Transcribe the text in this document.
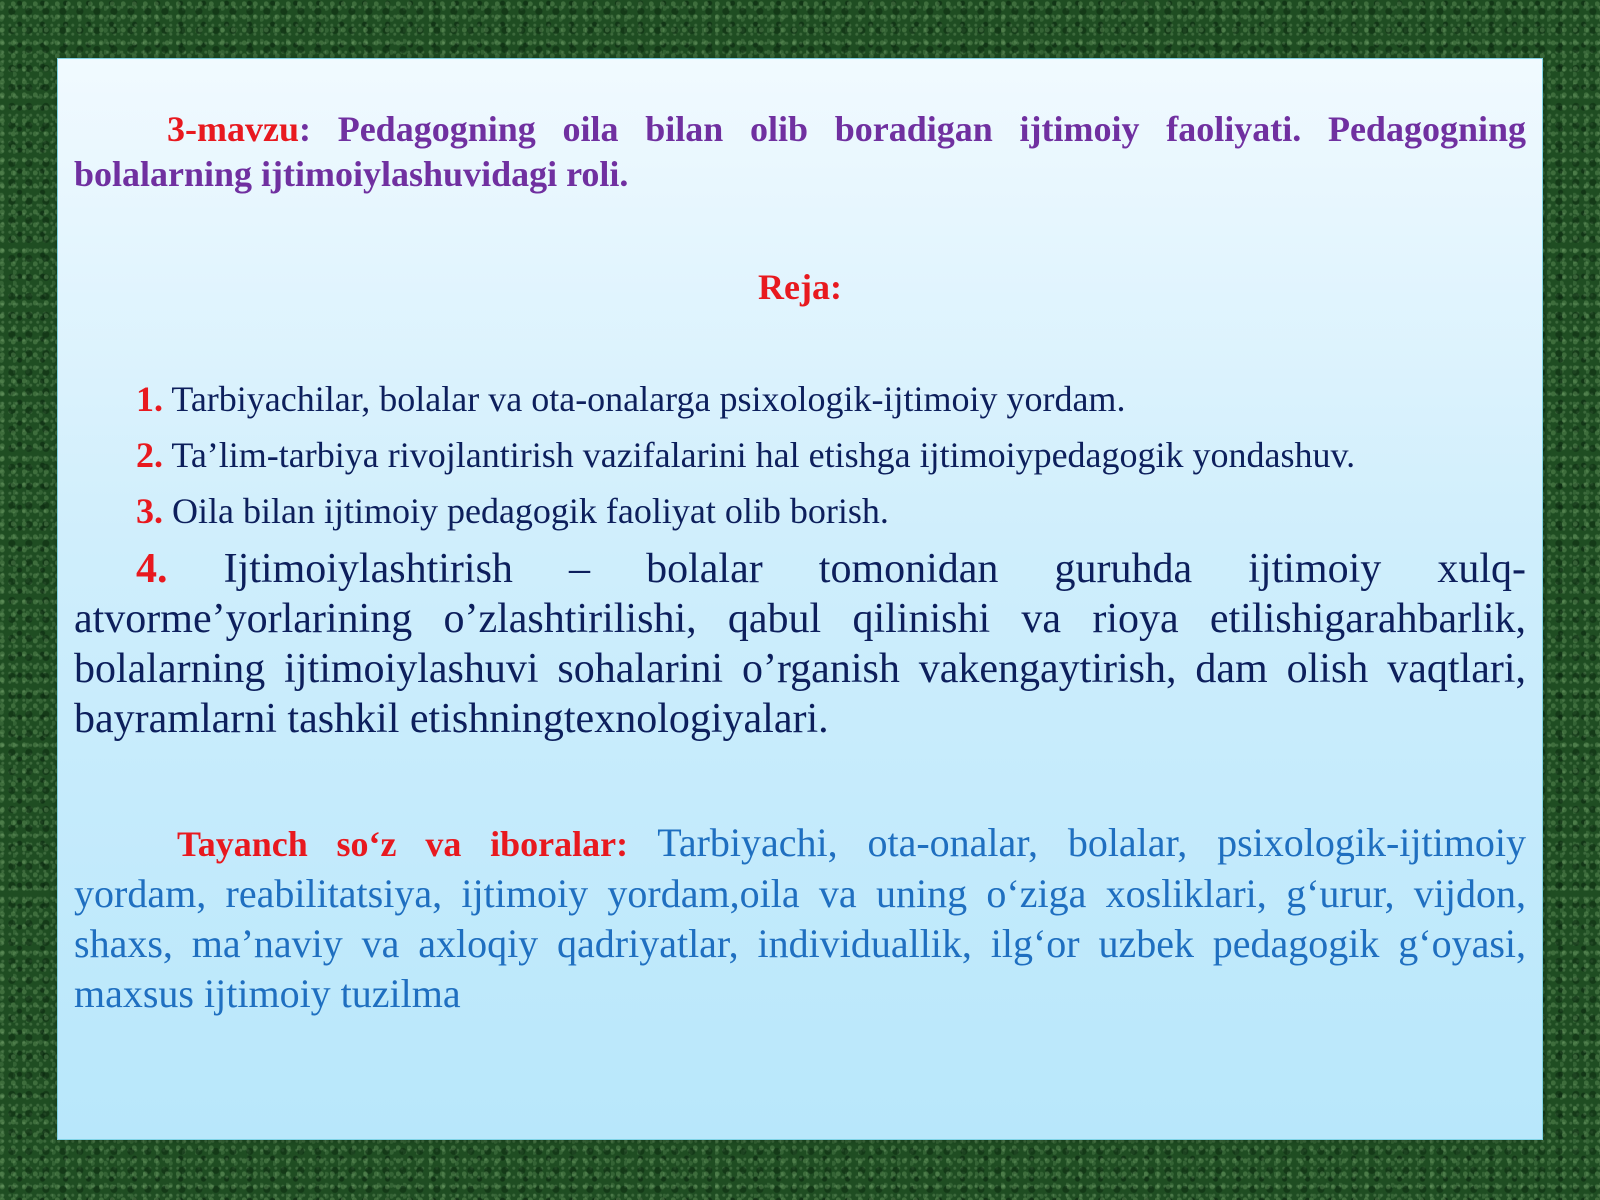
3-mavzu: Pedagogning oila bilan olib boradigan ijtimoiy faoliyati. Pedagogning bolalarning ijtimoiylashuvidagi roli.

Reja:

1. Tarbiyachilar, bolalar va ota-onalarga psixologik-ijtimoiy yordam.

2. Ta’lim-tarbiya rivojlantirish vazifalarini hal etishga ijtimoiypedagogik yondashuv.

3. Oila bilan ijtimoiy pedagogik faoliyat olib borish.

4. Ijtimoiylashtirish – bolalar tomonidan guruhda ijtimoiy xulq-atvorme’yorlarining o’zlashtirilishi, qabul qilinishi va rioya etilishigarahbarlik, bolalarning ijtimoiylashuvi sohalarini o’rganish vakengaytirish, dam olish vaqtlari, bayramlarni tashkil etishningtexnologiyalari.

Tayanch so‘z va iboralar: Tarbiyachi, ota-onalar, bolalar, psixologik-ijtimoiy yordam, reabilitatsiya, ijtimoiy yordam,oila va uning o‘ziga xosliklari, g‘urur, vijdon, shaxs, ma’naviy va axloqiy qadriyatlar, individuallik, ilg‘or uzbek pedagogik g‘oyasi, maxsus ijtimoiy tuzilma
